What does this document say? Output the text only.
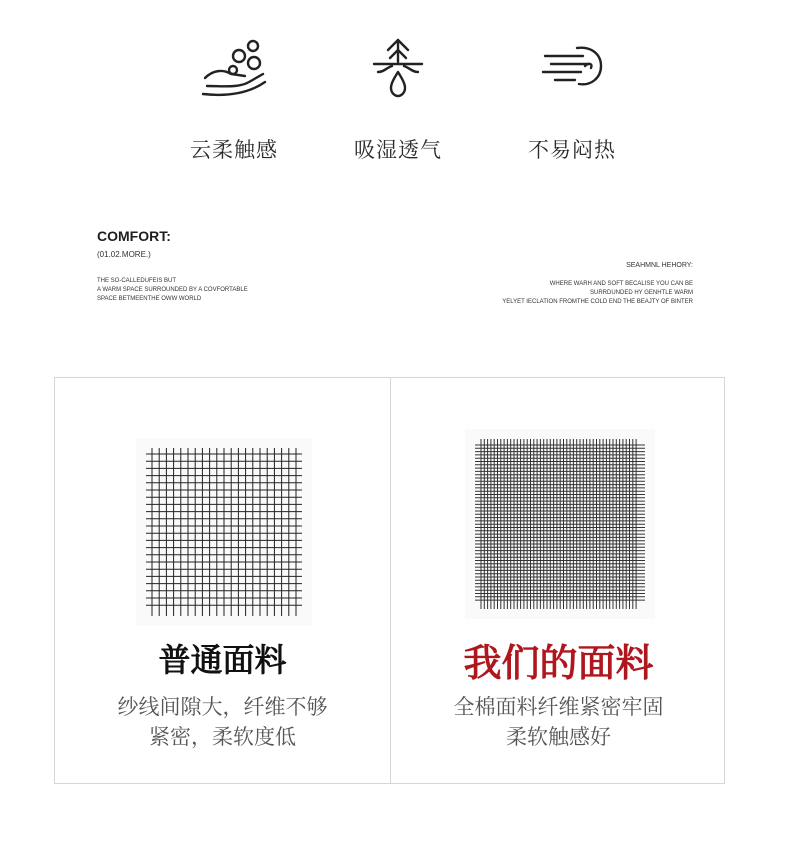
云柔触感	吸湿透气	不易闷热
COMFORT:
(01.02.MORE.)
THE SO-CALLEDUFEIS BUT
A WARM SPACE SURROUNDED BY A COVFORTABLE
SPACE BETMEENTHE OWW WORLD
SEAHMNL HEHORY:
WHERE WARH AND SOFT BECALISE YOU CAN BE
SURRDUNDED HY GENHTLE WARM
YELYET IECLATION FROMTHE COLD END THE BEAJTY OF BINTER
普通面料
纱线间隙大，纤维不够
紧密，柔软度低
我们的面料
全棉面料纤维紧密牢固
柔软触感好
